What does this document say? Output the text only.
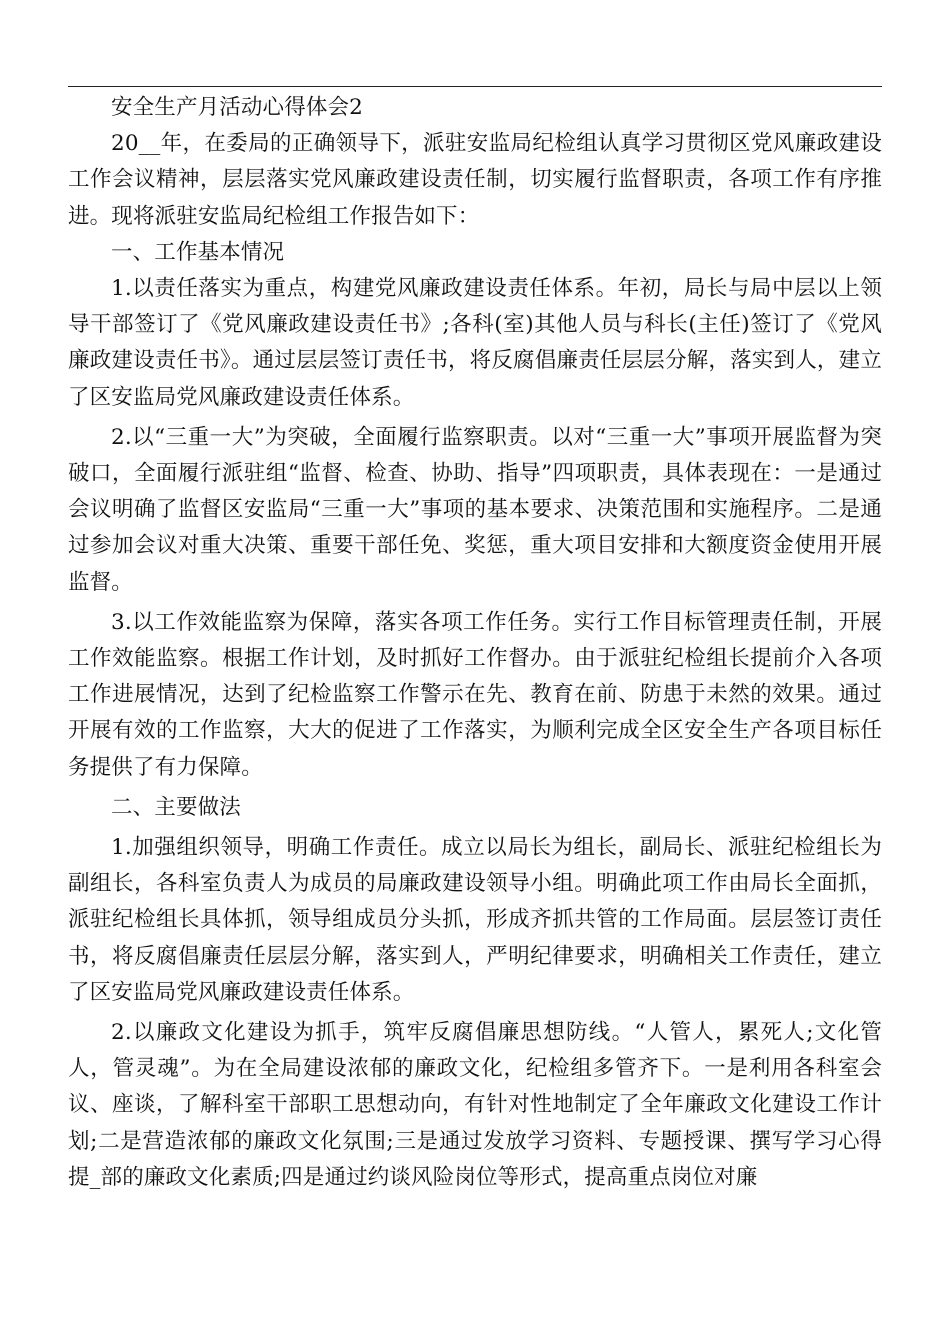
安全生产月活动心得体会2

20__年，在委局的正确领导下，派驻安监局纪检组认真学习贯彻区党风廉政建设工作会议精神，层层落实党风廉政建设责任制，切实履行监督职责，各项工作有序推进。现将派驻安监局纪检组工作报告如下：

一、工作基本情况

1.以责任落实为重点，构建党风廉政建设责任体系。年初，局长与局中层以上领导干部签订了《党风廉政建设责任书》;各科(室)其他人员与科长(主任)签订了《党风廉政建设责任书》。通过层层签订责任书，将反腐倡廉责任层层分解，落实到人，建立了区安监局党风廉政建设责任体系。

2.以“三重一大”为突破，全面履行监察职责。以对“三重一大”事项开展监督为突破口，全面履行派驻组“监督、检查、协助、指导”四项职责，具体表现在：一是通过会议明确了监督区安监局“三重一大”事项的基本要求、决策范围和实施程序。二是通过参加会议对重大决策、重要干部任免、奖惩，重大项目安排和大额度资金使用开展监督。

3.以工作效能监察为保障，落实各项工作任务。实行工作目标管理责任制，开展工作效能监察。根据工作计划，及时抓好工作督办。由于派驻纪检组长提前介入各项工作进展情况，达到了纪检监察工作警示在先、教育在前、防患于未然的效果。通过开展有效的工作监察，大大的促进了工作落实，为顺利完成全区安全生产各项目标任务提供了有力保障。

二、主要做法

1.加强组织领导，明确工作责任。成立以局长为组长，副局长、派驻纪检组长为副组长，各科室负责人为成员的局廉政建设领导小组。明确此项工作由局长全面抓，派驻纪检组长具体抓，领导组成员分头抓，形成齐抓共管的工作局面。层层签订责任书，将反腐倡廉责任层层分解，落实到人，严明纪律要求，明确相关工作责任，建立了区安监局党风廉政建设责任体系。

2.以廉政文化建设为抓手，筑牢反腐倡廉思想防线。“人管人，累死人;文化管人，管灵魂”。为在全局建设浓郁的廉政文化，纪检组多管齐下。一是利用各科室会议、座谈，了解科室干部职工思想动向，有针对性地制定了全年廉政文化建设工作计划;二是营造浓郁的廉政文化氛围;三是通过发放学习资料、专题授课、撰写学习心得提_部的廉政文化素质;四是通过约谈风险岗位等形式，提高重点岗位对廉
